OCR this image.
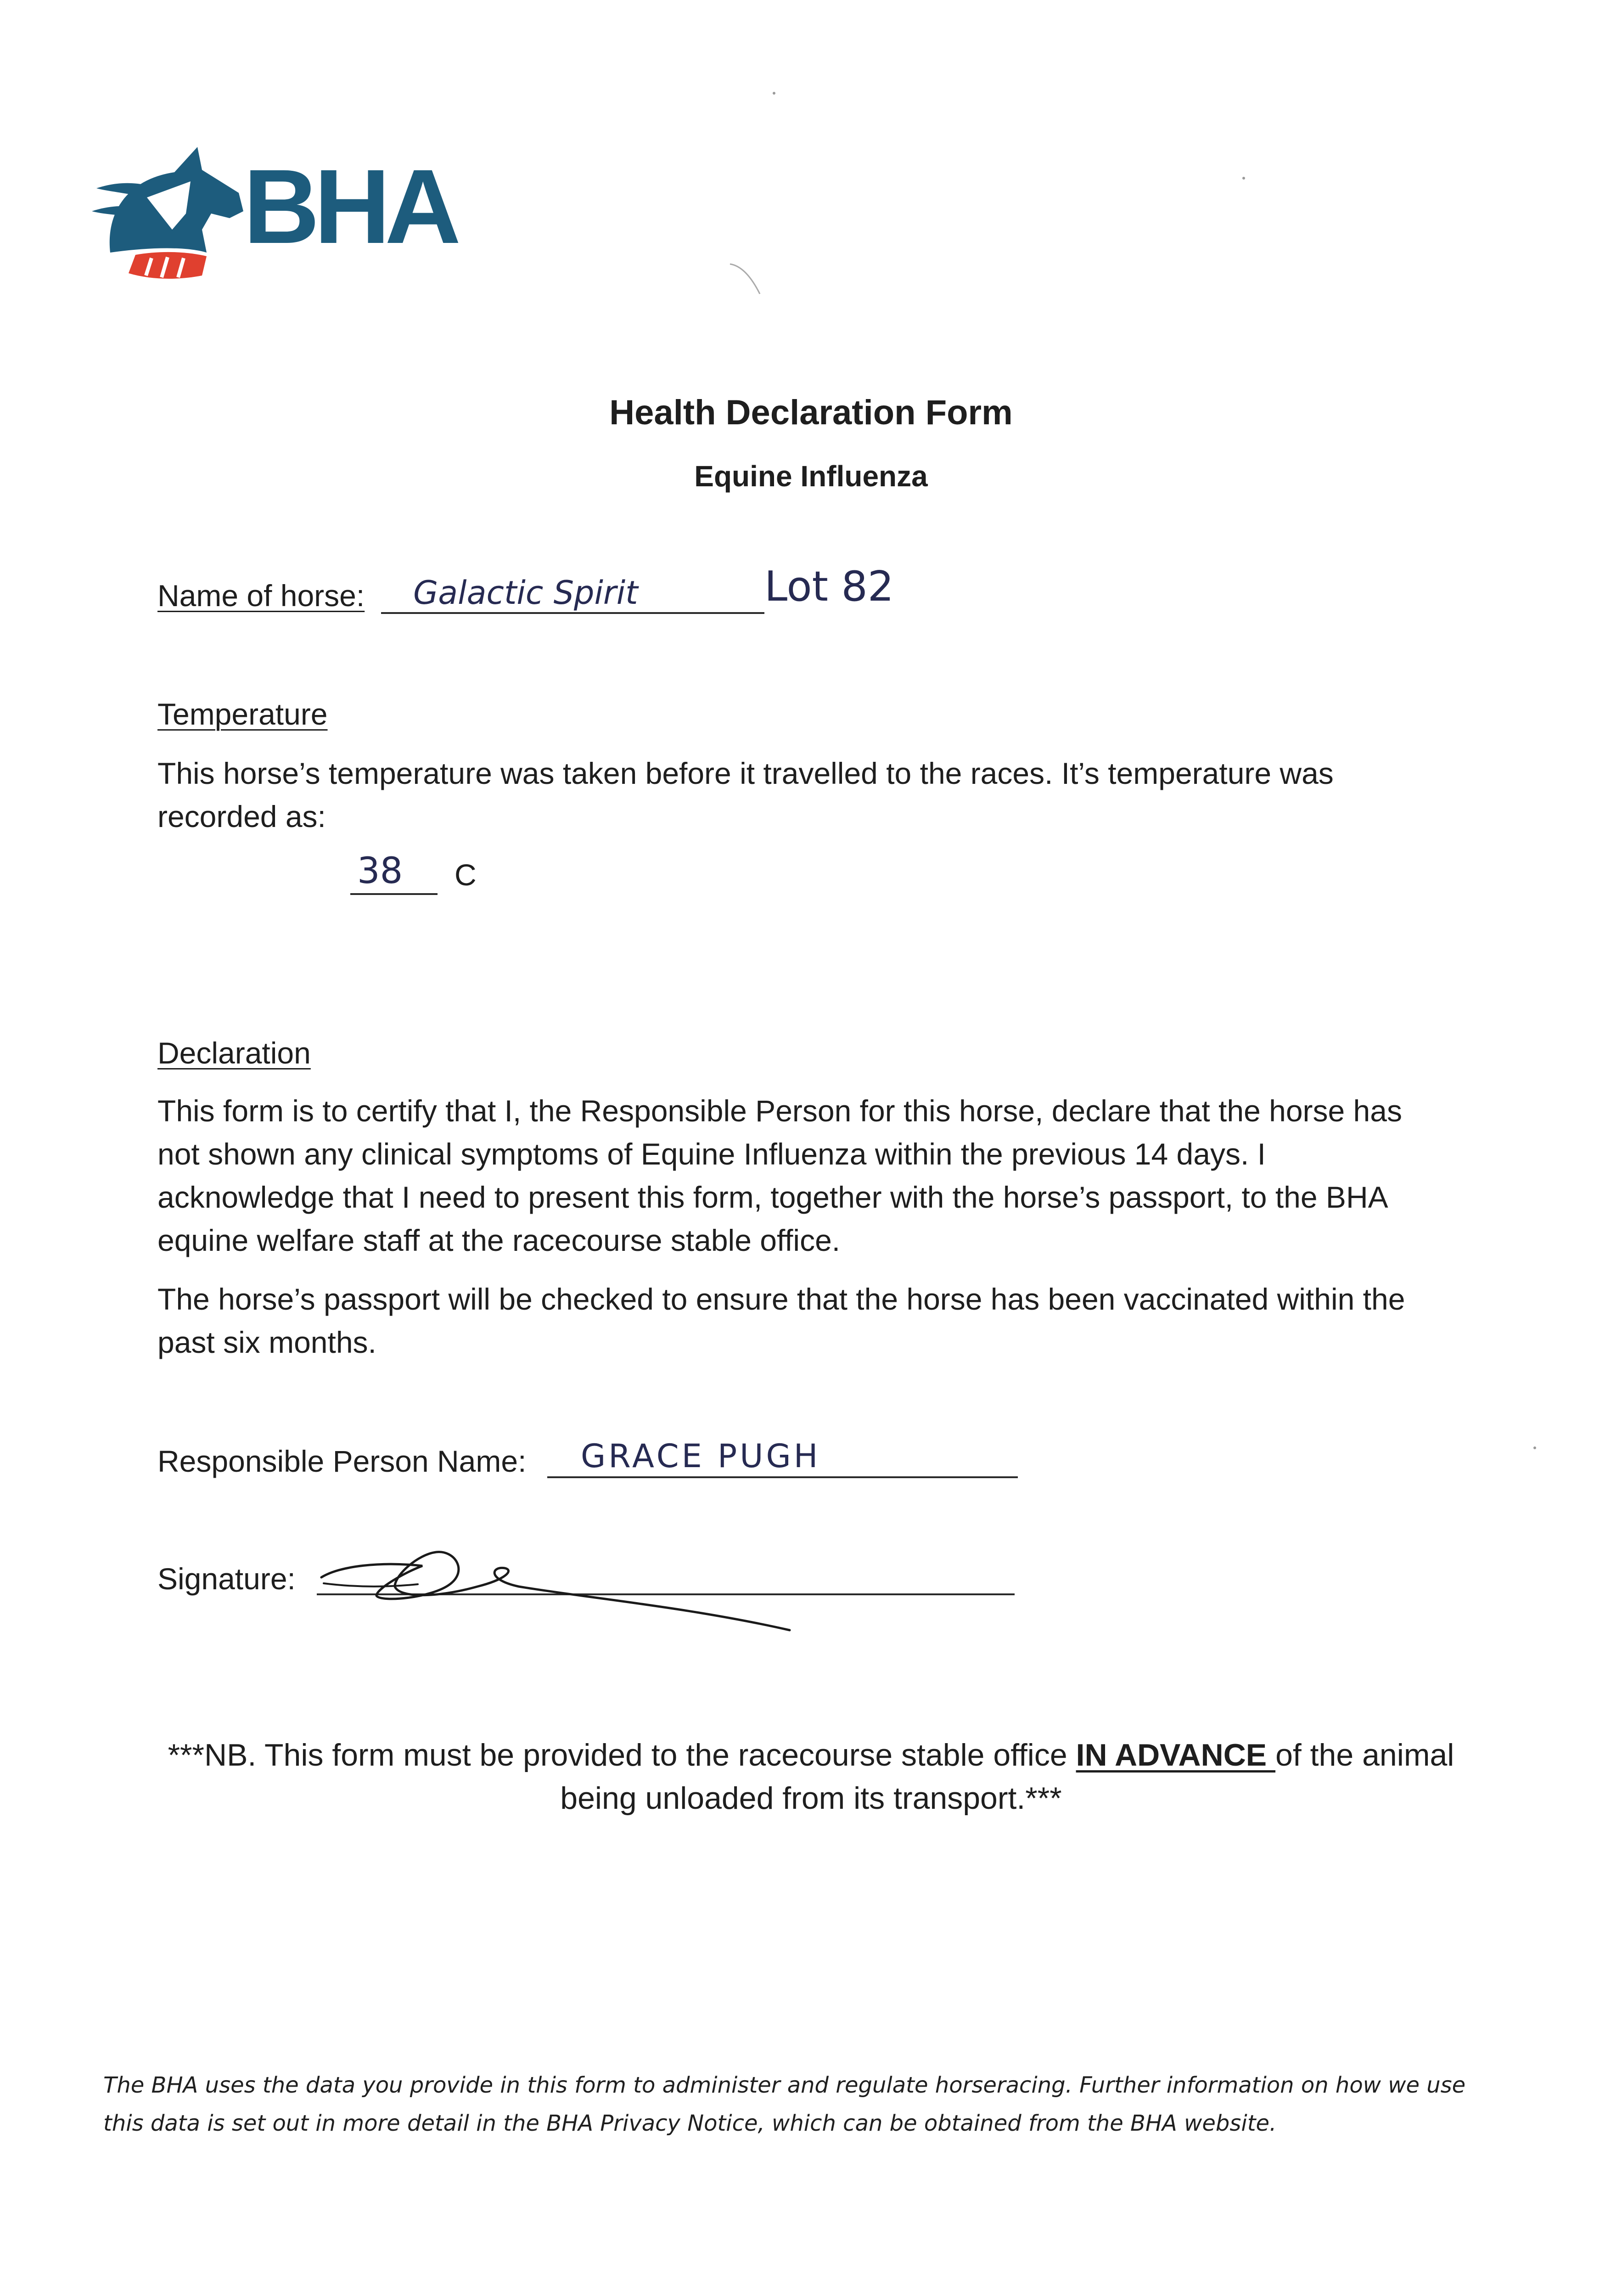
BHA
Health Declaration Form
Equine Influenza
Name of horse: Galactic Spirit	Lot 82
Temperature

This horse’s temperature was taken before it travelled to the races. It’s temperature was recorded as:

38 C
Declaration

This form is to certify that I, the Responsible Person for this horse, declare that the horse has not shown any clinical symptoms of Equine Influenza within the previous 14 days. I acknowledge that I need to present this form, together with the horse’s passport, to the BHA equine welfare staff at the racecourse stable office.

The horse’s passport will be checked to ensure that the horse has been vaccinated within the past six months.

Responsible Person Name: GRACE PUGH
Signature:
***NB. This form must be provided to the racecourse stable office IN ADVANCE of the animal being unloaded from its transport.***
The BHA uses the data you provide in this form to administer and regulate horseracing. Further information on how we use this data is set out in more detail in the BHA Privacy Notice, which can be obtained from the BHA website.
